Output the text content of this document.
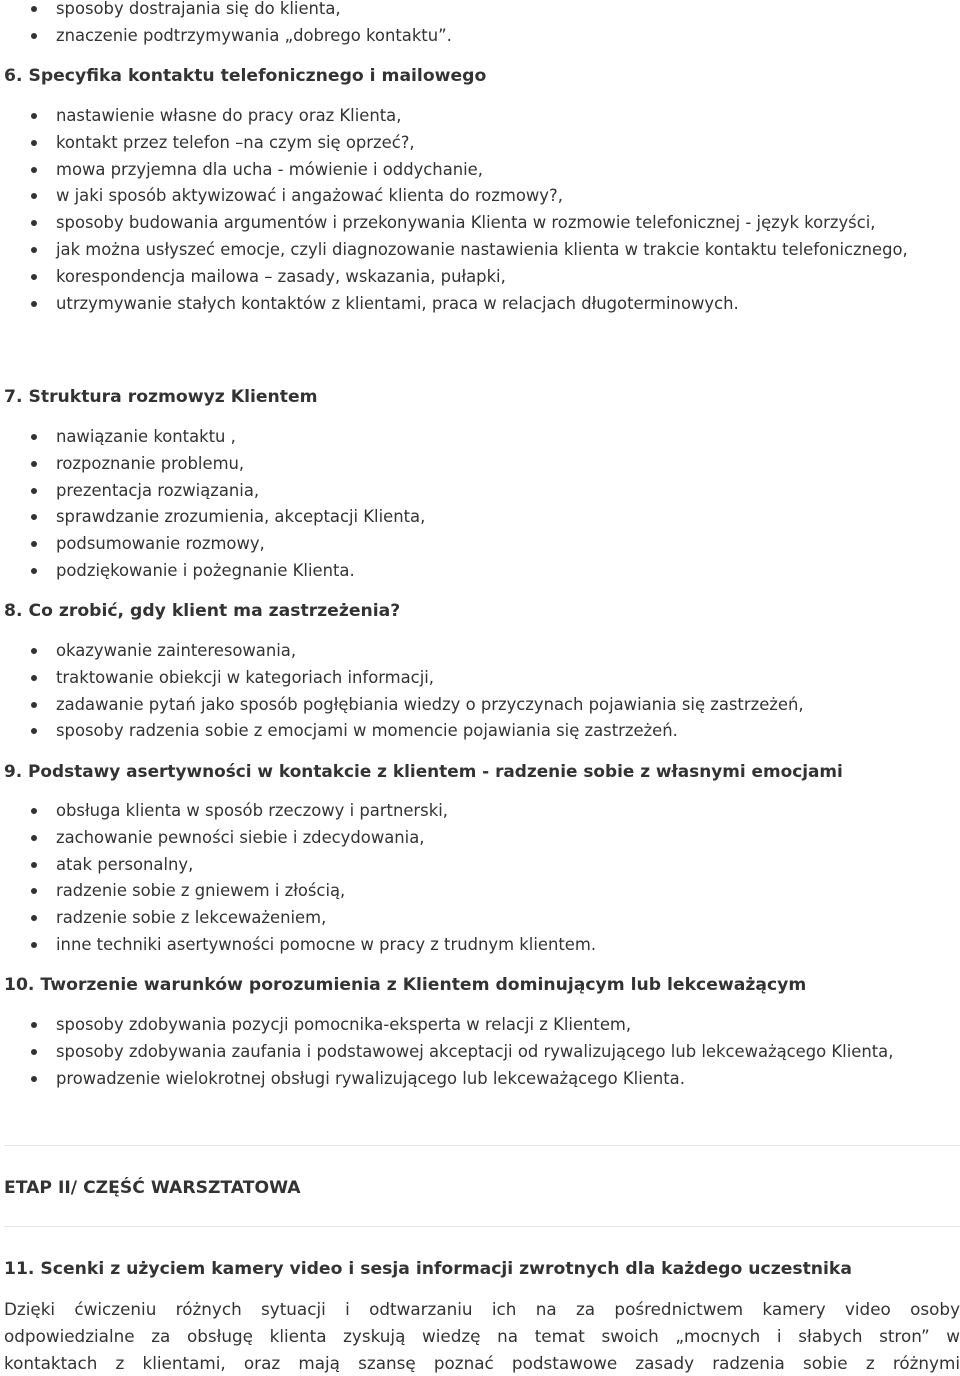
sposoby dostrajania się do klienta,
znaczenie podtrzymywania „dobrego kontaktu”.
6. Specyfika kontaktu telefonicznego i mailowego
nastawienie własne do pracy oraz Klienta,
kontakt przez telefon –na czym się oprzeć?,
mowa przyjemna dla ucha - mówienie i oddychanie,
w jaki sposób aktywizować i angażować klienta do rozmowy?,
sposoby budowania argumentów i przekonywania Klienta w rozmowie telefonicznej - język korzyści,
jak można usłyszeć emocje, czyli diagnozowanie nastawienia klienta w trakcie kontaktu telefonicznego,
korespondencja mailowa – zasady, wskazania, pułapki,
utrzymywanie stałych kontaktów z klientami, praca w relacjach długoterminowych.
7. Struktura rozmowyz Klientem
nawiązanie kontaktu ,
rozpoznanie problemu,
prezentacja rozwiązania,
sprawdzanie zrozumienia, akceptacji Klienta,
podsumowanie rozmowy,
podziękowanie i pożegnanie Klienta.
8. Co zrobić, gdy klient ma zastrzeżenia?
okazywanie zainteresowania,
traktowanie obiekcji w kategoriach informacji,
zadawanie pytań jako sposób pogłębiania wiedzy o przyczynach pojawiania się zastrzeżeń,
sposoby radzenia sobie z emocjami w momencie pojawiania się zastrzeżeń.
9. Podstawy asertywności w kontakcie z klientem - radzenie sobie z własnymi emocjami
obsługa klienta w sposób rzeczowy i partnerski,
zachowanie pewności siebie i zdecydowania,
atak personalny,
radzenie sobie z gniewem i złością,
radzenie sobie z lekceważeniem,
inne techniki asertywności pomocne w pracy z trudnym klientem.
10. Tworzenie warunków porozumienia z Klientem dominującym lub lekceważącym
sposoby zdobywania pozycji pomocnika-eksperta w relacji z Klientem,
sposoby zdobywania zaufania i podstawowej akceptacji od rywalizującego lub lekceważącego Klienta,
prowadzenie wielokrotnej obsługi rywalizującego lub lekceważącego Klienta.
ETAP II/ CZĘŚĆ WARSZTATOWA
11. Scenki z użyciem kamery video i sesja informacji zwrotnych dla każdego uczestnika

Dzięki ćwiczeniu różnych sytuacji i odtwarzaniu ich na za pośrednictwem kamery video osoby

odpowiedzialne za obsługę klienta zyskują wiedzę na temat swoich „mocnych i słabych stron” w

kontaktach z klientami, oraz mają szansę poznać podstawowe zasady radzenia sobie z różnymi
